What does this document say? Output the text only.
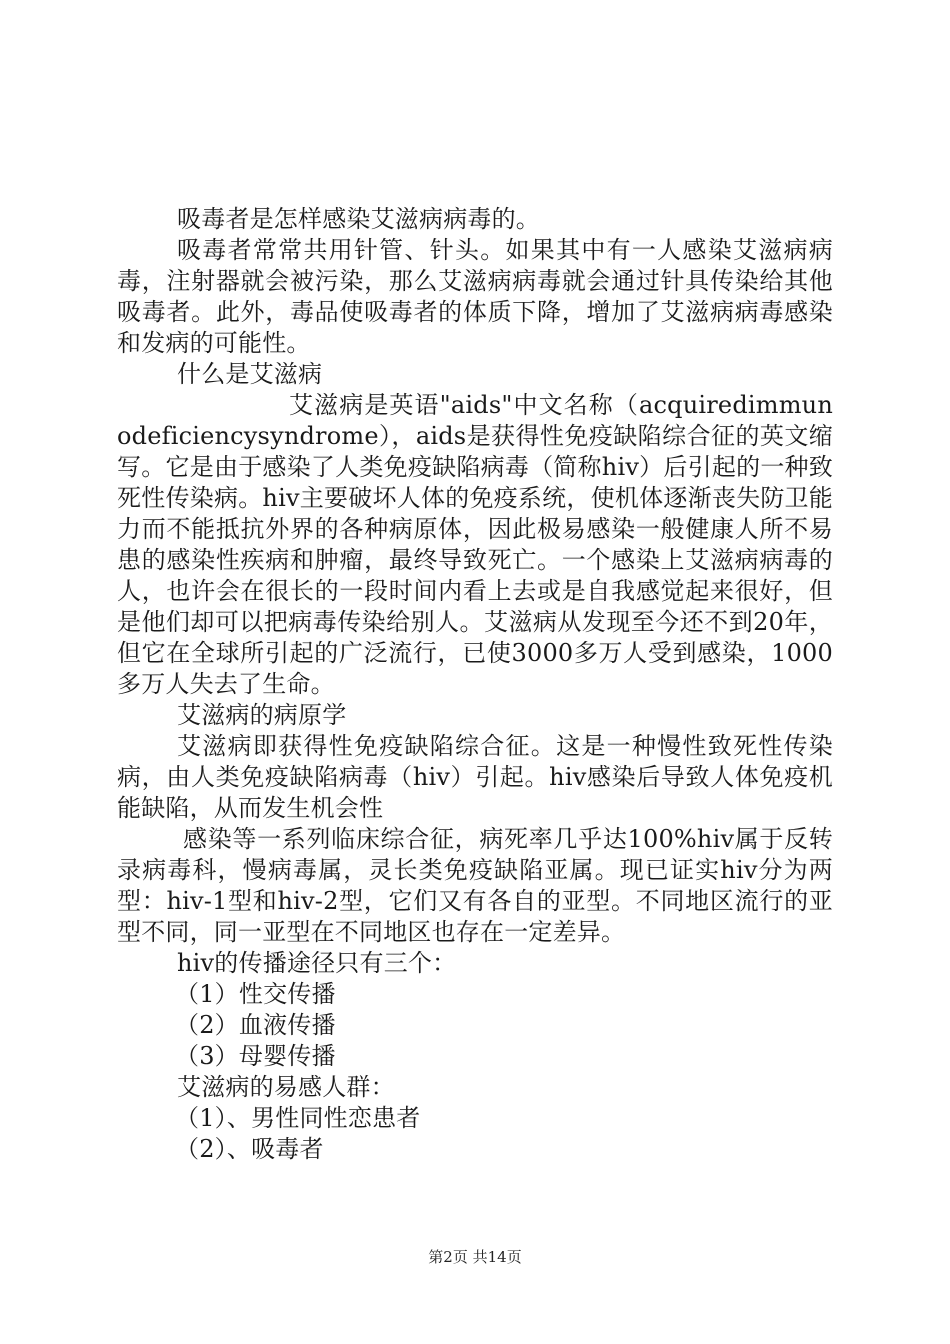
吸毒者是怎样感染艾滋病病毒的。

吸毒者常常共用针管、针头。如果其中有一人感染艾滋病病毒，注射器就会被污染，那么艾滋病病毒就会通过针具传染给其他吸毒者。此外，毒品使吸毒者的体质下降，增加了艾滋病病毒感染和发病的可能性。

什么是艾滋病

艾滋病是英语"aids"中文名称（acquiredimmunodeficiencysyndrome），aids是获得性免疫缺陷综合征的英文缩写。它是由于感染了人类免疫缺陷病毒（简称hiv）后引起的一种致死性传染病。hiv主要破坏人体的免疫系统，使机体逐渐丧失防卫能力而不能抵抗外界的各种病原体，因此极易感染一般健康人所不易患的感染性疾病和肿瘤，最终导致死亡。一个感染上艾滋病病毒的人，也许会在很长的一段时间内看上去或是自我感觉起来很好，但是他们却可以把病毒传染给别人。艾滋病从发现至今还不到20年，但它在全球所引起的广泛流行，已使3000多万人受到感染，1000多万人失去了生命。

艾滋病的病原学

艾滋病即获得性免疫缺陷综合征。这是一种慢性致死性传染病，由人类免疫缺陷病毒（hiv）引起。hiv感染后导致人体免疫机能缺陷，从而发生机会性

感染等一系列临床综合征，病死率几乎达100%hiv属于反转录病毒科，慢病毒属，灵长类免疫缺陷亚属。现已证实hiv分为两型：hiv-1型和hiv-2型，它们又有各自的亚型。不同地区流行的亚型不同，同一亚型在不同地区也存在一定差异。

hiv的传播途径只有三个：

（1）性交传播

（2）血液传播

（3）母婴传播

艾滋病的易感人群：

（1）、男性同性恋患者

（2）、吸毒者

第2页 共14页
